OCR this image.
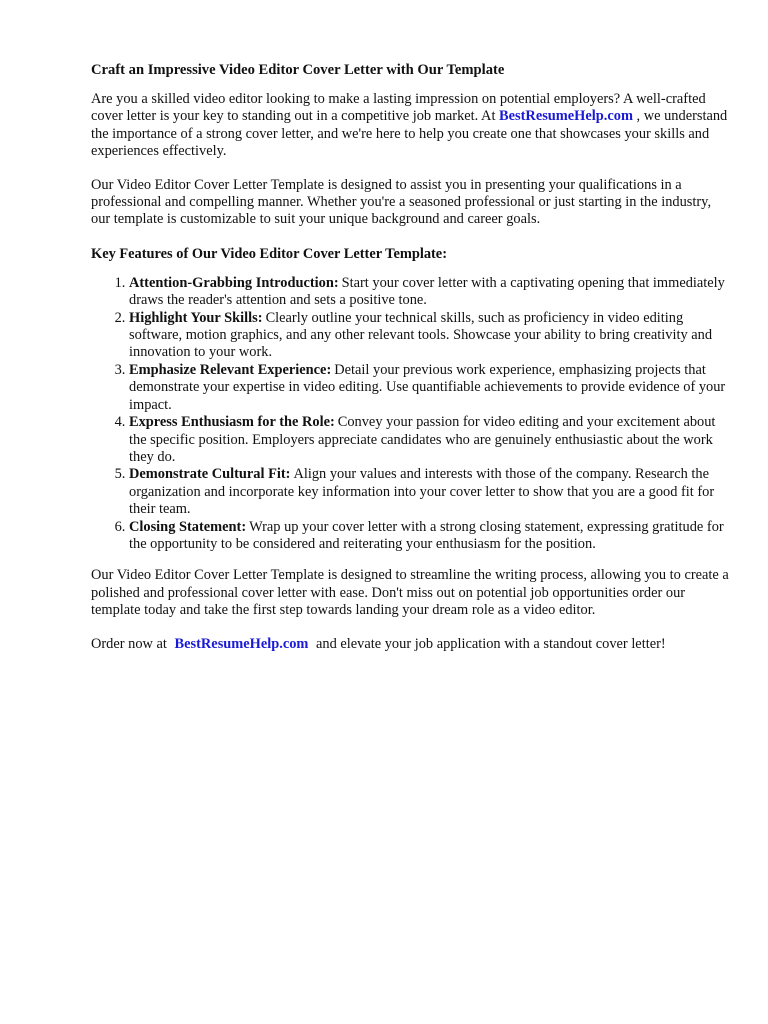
Craft an Impressive Video Editor Cover Letter with Our Template

Are you a skilled video editor looking to make a lasting impression on potential employers? A well-crafted cover letter is your key to standing out in a competitive job market. At BestResumeHelp.com , we understand the importance of a strong cover letter, and we're here to help you create one that showcases your skills and experiences effectively.

Our Video Editor Cover Letter Template is designed to assist you in presenting your qualifications in a professional and compelling manner. Whether you're a seasoned professional or just starting in the industry, our template is customizable to suit your unique background and career goals.

Key Features of Our Video Editor Cover Letter Template:
1. Attention-Grabbing Introduction: Start your cover letter with a captivating opening that immediately draws the reader's attention and sets a positive tone.
2. Highlight Your Skills: Clearly outline your technical skills, such as proficiency in video editing software, motion graphics, and any other relevant tools. Showcase your ability to bring creativity and innovation to your work.
3. Emphasize Relevant Experience: Detail your previous work experience, emphasizing projects that demonstrate your expertise in video editing. Use quantifiable achievements to provide evidence of your impact.
4. Express Enthusiasm for the Role: Convey your passion for video editing and your excitement about the specific position. Employers appreciate candidates who are genuinely enthusiastic about the work they do.
5. Demonstrate Cultural Fit: Align your values and interests with those of the company. Research the organization and incorporate key information into your cover letter to show that you are a good fit for their team.
6. Closing Statement: Wrap up your cover letter with a strong closing statement, expressing gratitude for the opportunity to be considered and reiterating your enthusiasm for the position.

Our Video Editor Cover Letter Template is designed to streamline the writing process, allowing you to create a polished and professional cover letter with ease. Don't miss out on potential job opportunities order our template today and take the first step towards landing your dream role as a video editor.

Order now at BestResumeHelp.com and elevate your job application with a standout cover letter!
